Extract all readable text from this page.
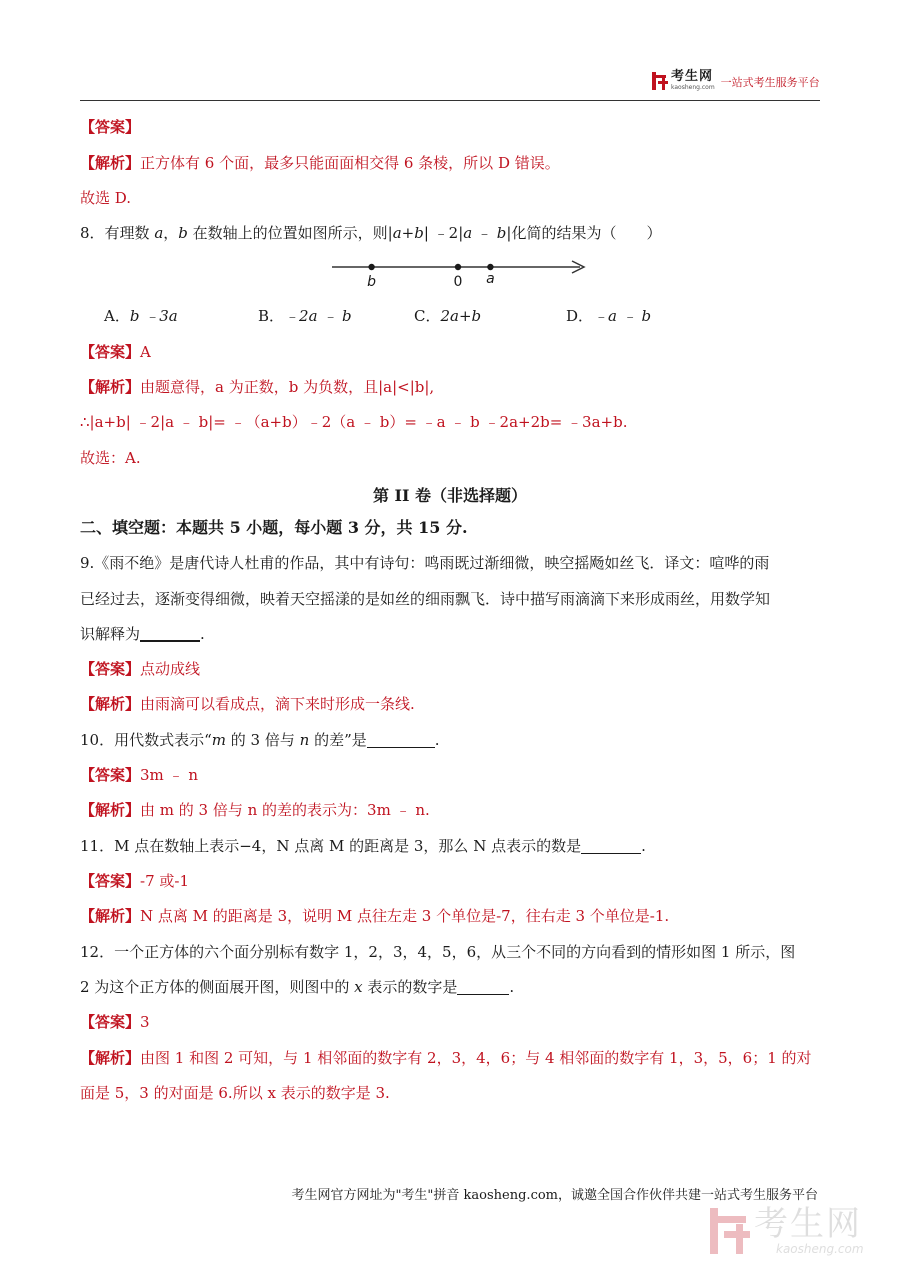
考生网
kaosheng.com 一站式考生服务平台
【答案】
【解析】正方体有 6 个面，最多只能面面相交得 6 条棱，所以 D 错误。
故选 D.
8．有理数 a，b 在数轴上的位置如图所示，则|a+b| ﹣2|a ﹣ b|化简的结果为（　　）
b	0 a
A．b ﹣3a	B．﹣2a ﹣ b	C．2a+b	D．﹣a ﹣ b
【答案】A
【解析】由题意得，a 为正数，b 为负数，且|a|<|b|,
∴|a+b| ﹣2|a ﹣ b|= ﹣（a+b）﹣2（a ﹣ b）= ﹣a ﹣ b ﹣2a+2b= ﹣3a+b.
故选：A.
第 II 卷（非选择题）
二、填空题：本题共 5 小题，每小题 3 分，共 15 分.
9.《雨不绝》是唐代诗人杜甫的作品，其中有诗句：鸣雨既过渐细微，映空摇飏如丝飞．译文：喧哗的雨
已经过去，逐渐变得细微，映着天空摇漾的是如丝的细雨飘飞．诗中描写雨滴滴下来形成雨丝，用数学知
识解释为	.
【答案】点动成线
【解析】由雨滴可以看成点，滴下来时形成一条线.
10．用代数式表示“m 的 3 倍与 n 的差”是	.
【答案】3m ﹣ n
【解析】由 m 的 3 倍与 n 的差的表示为：3m ﹣ n.
11．M 点在数轴上表示−4，N 点离 M 的距离是 3，那么 N 点表示的数是	.
【答案】-7 或-1
【解析】N 点离 M 的距离是 3，说明 M 点往左走 3 个单位是-7，往右走 3 个单位是-1.
12．一个正方体的六个面分别标有数字 1，2，3，4，5，6，从三个不同的方向看到的情形如图 1 所示，图
2 为这个正方体的侧面展开图，则图中的 x 表示的数字是	.
【答案】3
【解析】由图 1 和图 2 可知，与 1 相邻面的数字有 2，3，4，6；与 4 相邻面的数字有 1，3，5，6；1 的对
面是 5，3 的对面是 6.所以 x 表示的数字是 3.
考生网官方网址为"考生"拼音 kaosheng.com，诚邀全国合作伙伴共建一站式考生服务平台
考生网
kaosheng.com
